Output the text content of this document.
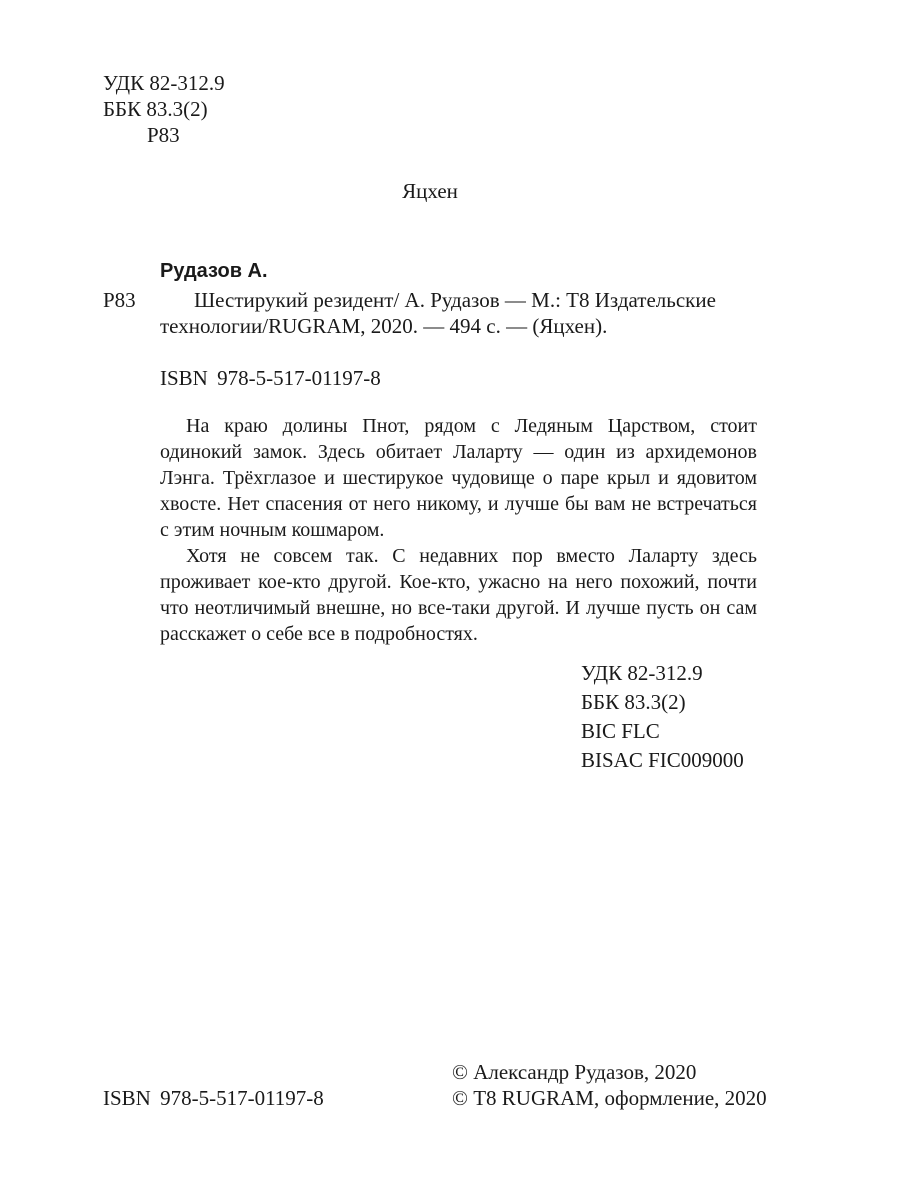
УДК 82-312.9
ББК 83.3(2)
Р83
Яцхен
Рудазов А.
Р83	Шестирукий резидент/ А. Рудазов — М.: Т8 Издательские
технологии/RUGRAM, 2020. — 494 с. — (Яцхен).
ISBN 978-5-517-01197-8

На краю долины Пнот, рядом с Ледяным Царством, стоит одинокий замок. Здесь обитает Лаларту — один из архидемонов Лэнга. Трёхглазое и шестирукое чудовище о паре крыл и ядовитом хвосте. Нет спасения от него никому, и лучше бы вам не встречаться с этим ночным кошмаром.

Хотя не совсем так. С недавних пор вместо Лаларту здесь проживает кое-кто другой. Кое-кто, ужасно на него похожий, почти что неотличимый внешне, но все-таки другой. И лучше пусть он сам расскажет о себе все в подробностях.

УДК 82-312.9
ББК 83.3(2)
BIC FLC
BISAC FIC009000
ISBN 978-5-517-01197-8
© Александр Рудазов, 2020
© Т8 RUGRAM, оформление, 2020
